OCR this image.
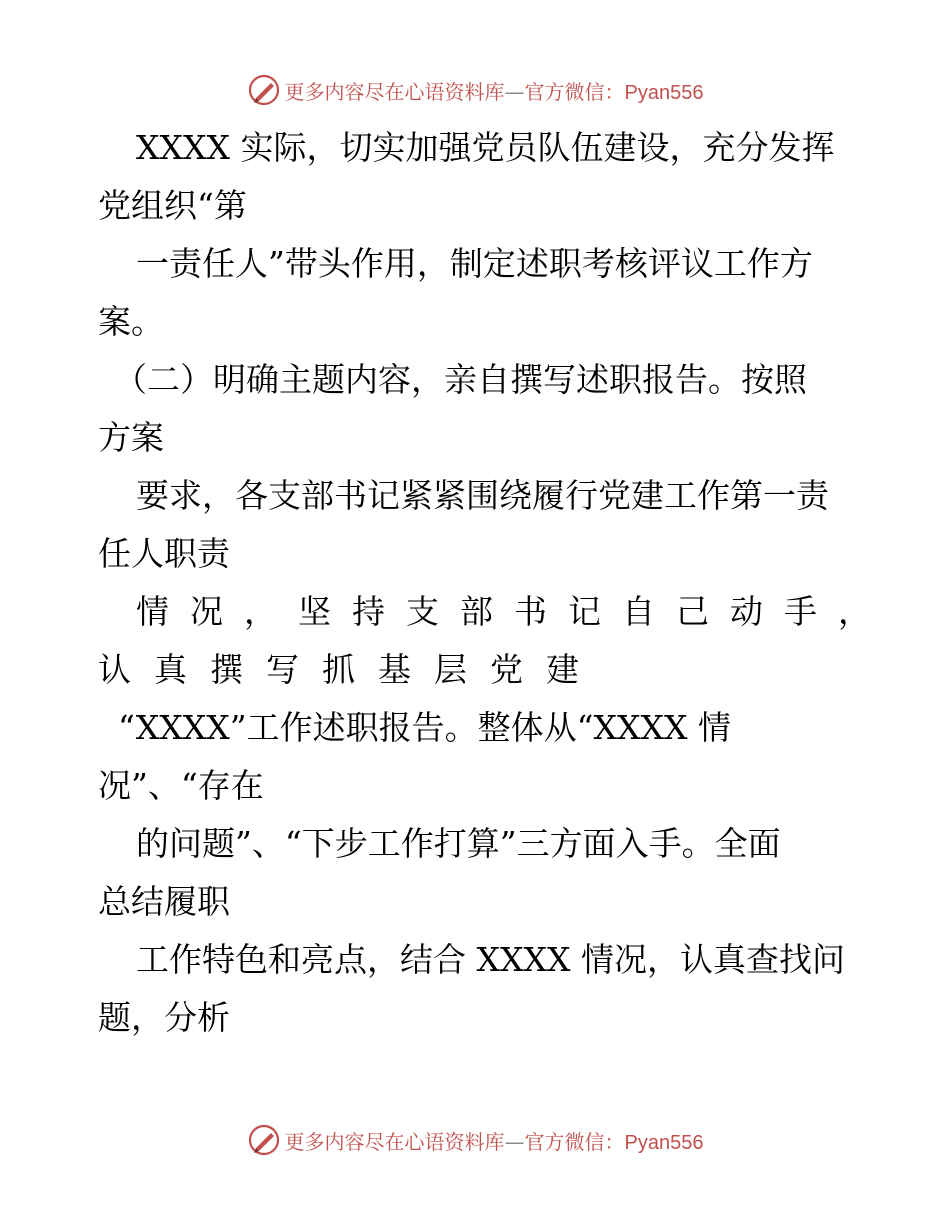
更多内容尽在心语资料库—官方微信：Pyan556
XXXX 实际，切实加强党员队伍建设，充分发挥
党组织“第
一责任人”带头作用，制定述职考核评议工作方
案。
（二）明确主题内容，亲自撰写述职报告。按照
方案
要求，各支部书记紧紧围绕履行党建工作第一责
任人职责
情况，坚持支部书记自己动手，
认真撰写抓基层党建
“XXXX”工作述职报告。整体从“XXXX 情
况”、“存在
的问题”、“下步工作打算”三方面入手。全面
总结履职
工作特色和亮点，结合 XXXX 情况，认真查找问
题，分析
更多内容尽在心语资料库—官方微信：Pyan556
